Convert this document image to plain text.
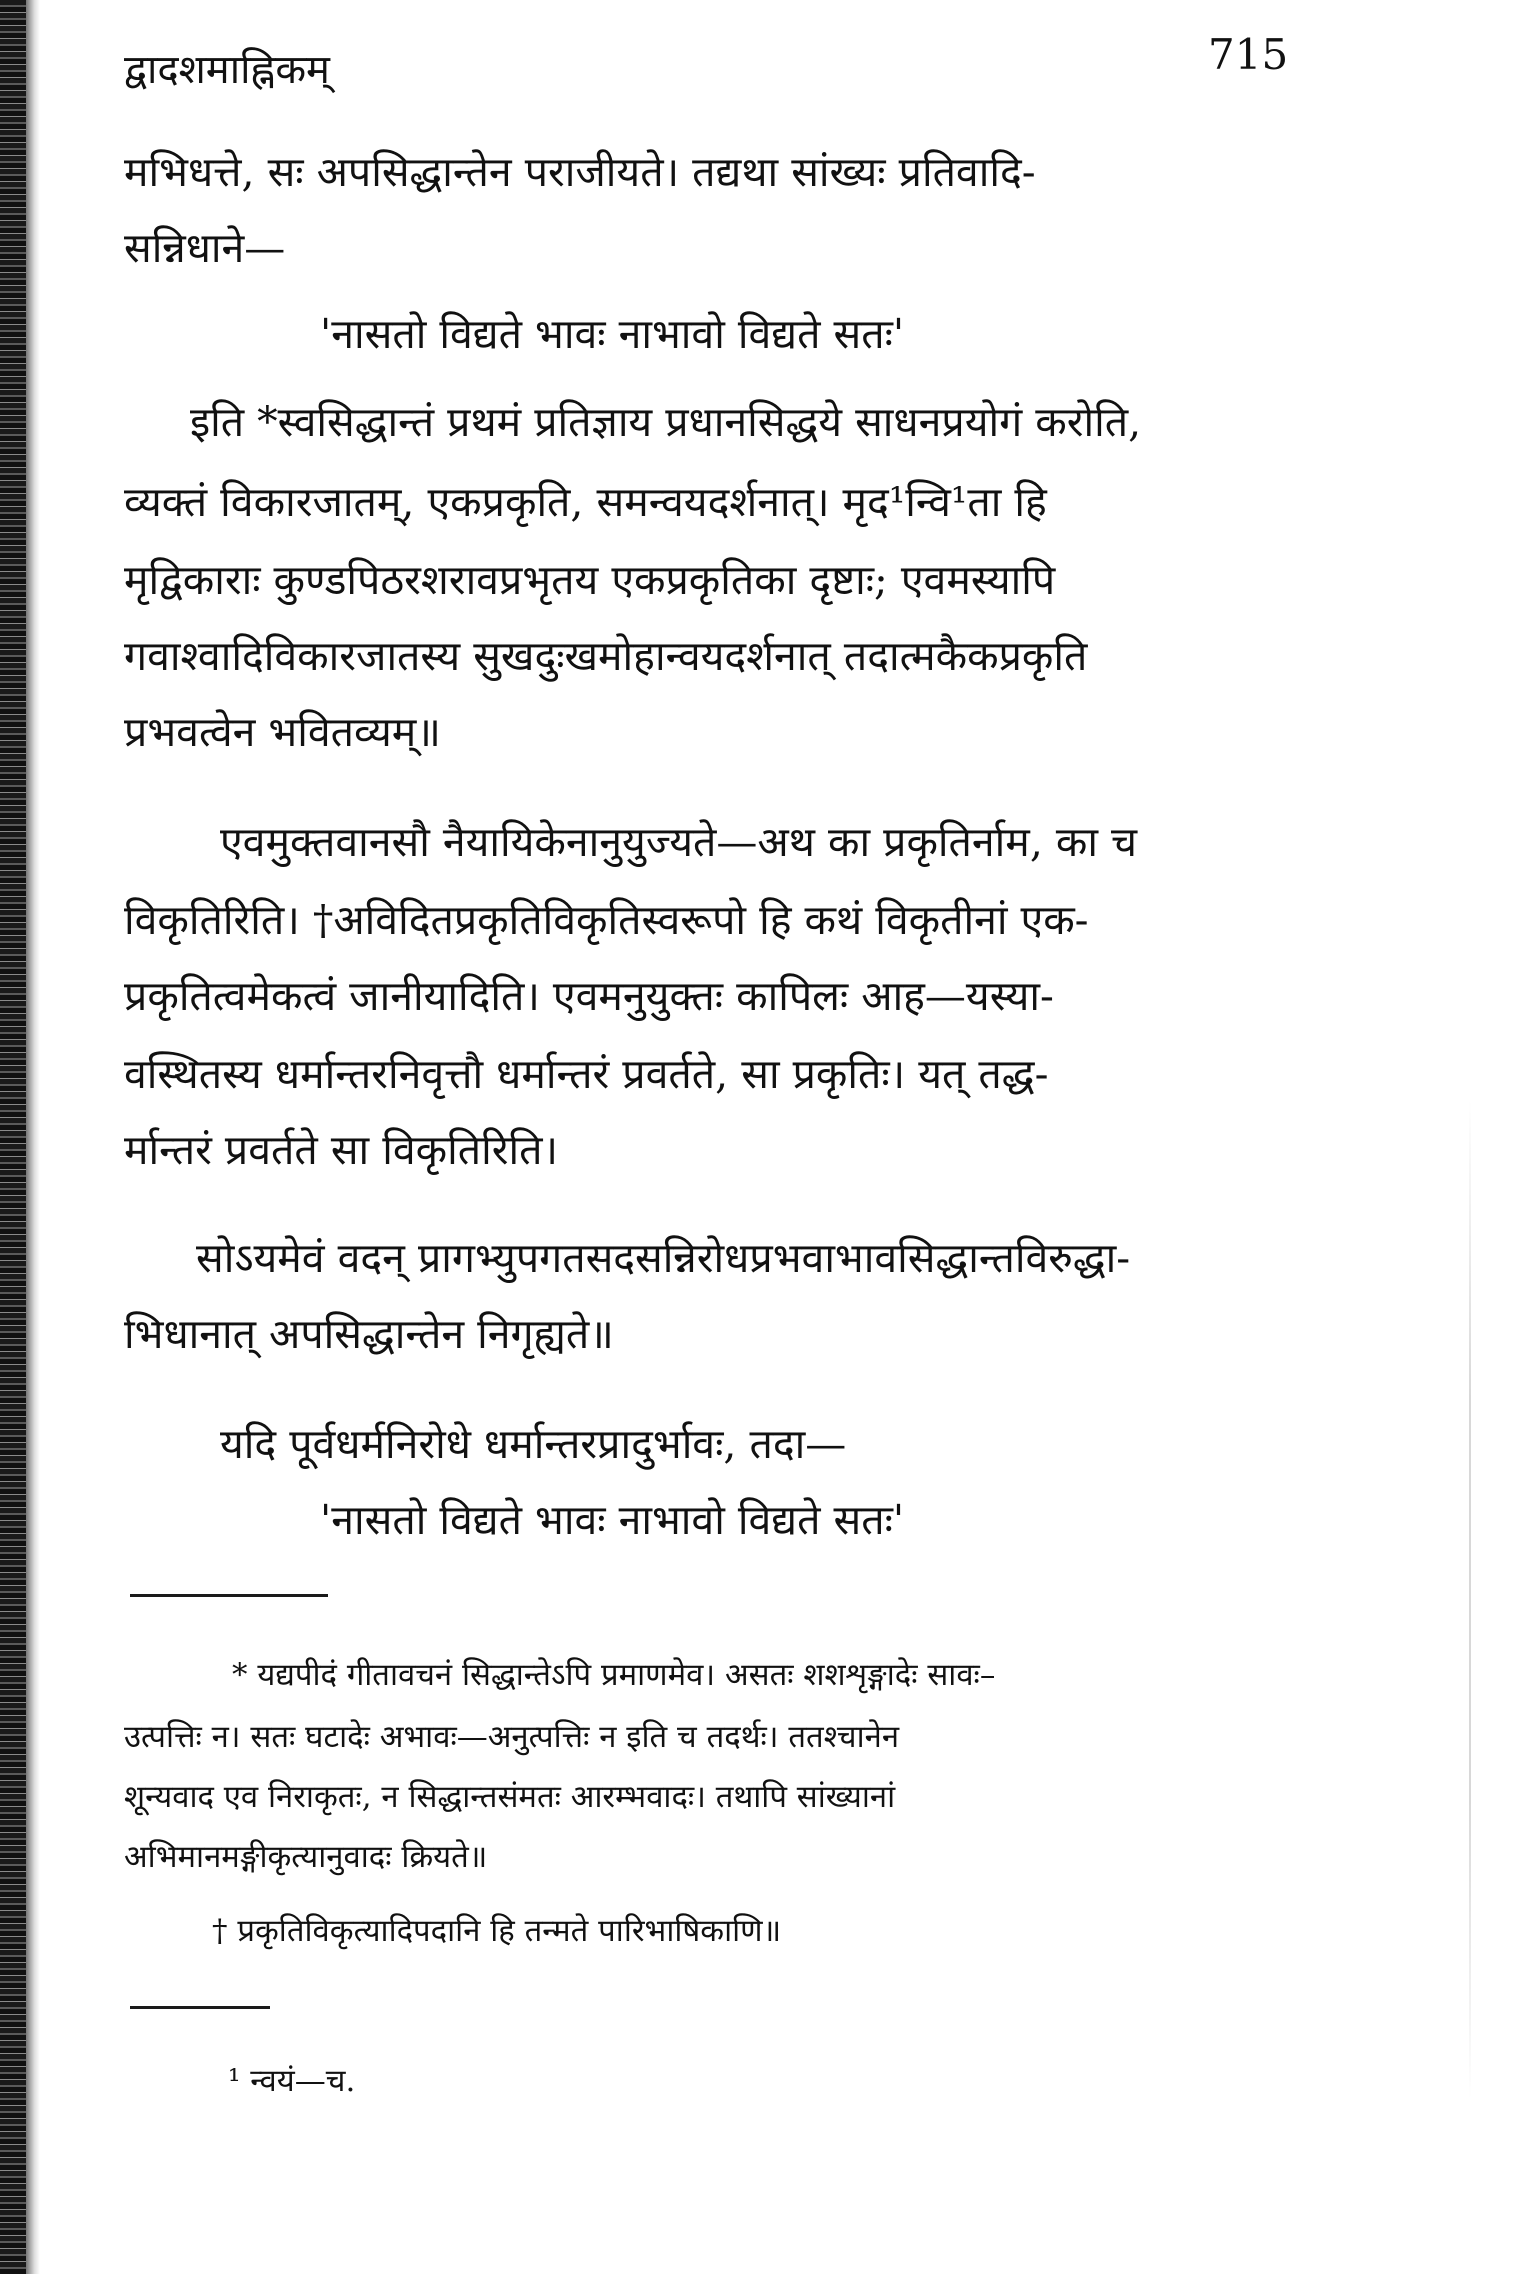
द्वादशमाह्निकम्	715
मभिधत्ते, सः अपसिद्धान्तेन पराजीयते। तद्यथा सांख्यः प्रतिवादि-
सन्निधाने—
'नासतो विद्यते भावः नाभावो विद्यते सतः'
इति *स्वसिद्धान्तं प्रथमं प्रतिज्ञाय प्रधानसिद्धये साधनप्रयोगं करोति,
व्यक्तं विकारजातम्, एकप्रकृति, समन्वयदर्शनात्। मृद¹न्वि¹ता हि
मृद्विकाराः कुण्डपिठरशरावप्रभृतय एकप्रकृतिका दृष्टाः; एवमस्यापि
गवाश्वादिविकारजातस्य सुखदुःखमोहान्वयदर्शनात् तदात्मकैकप्रकृति
प्रभवत्वेन भवितव्यम्॥
एवमुक्तवानसौ नैयायिकेनानुयुज्यते—अथ का प्रकृतिर्नाम, का च
विकृतिरिति। †अविदितप्रकृतिविकृतिस्वरूपो हि कथं विकृतीनां एक-
प्रकृतित्वमेकत्वं जानीयादिति। एवमनुयुक्तः कापिलः आह—यस्या-
वस्थितस्य धर्मान्तरनिवृत्तौ धर्मान्तरं प्रवर्तते, सा प्रकृतिः। यत् तद्ध-
र्मान्तरं प्रवर्तते सा विकृतिरिति।
सोऽयमेवं वदन् प्रागभ्युपगतसदसन्निरोधप्रभवाभावसिद्धान्तविरुद्धा-
भिधानात् अपसिद्धान्तेन निगृह्यते॥
यदि पूर्वधर्मनिरोधे धर्मान्तरप्रादुर्भावः, तदा—
'नासतो विद्यते भावः नाभावो विद्यते सतः'
* यद्यपीदं गीतावचनं सिद्धान्तेऽपि प्रमाणमेव। असतः शशशृङ्गादेः सावः–
उत्पत्तिः न। सतः घटादेः अभावः—अनुत्पत्तिः न इति च तदर्थः। ततश्चानेन
शून्यवाद एव निराकृतः, न सिद्धान्तसंमतः आरम्भवादः। तथापि सांख्यानां
अभिमानमङ्गीकृत्यानुवादः क्रियते॥
† प्रकृतिविकृत्यादिपदानि हि तन्मते पारिभाषिकाणि॥
¹ न्वयं—च.
